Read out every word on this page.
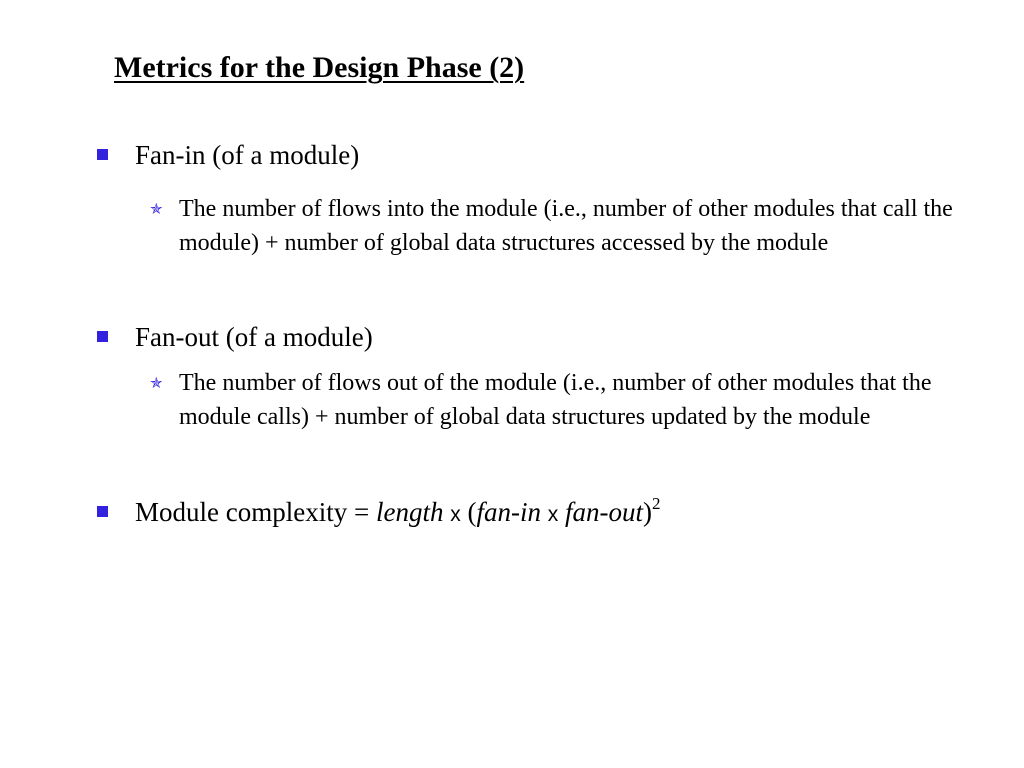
Metrics for the Design Phase (2)
Fan-in (of a module)
✯ The number of flows into the module (i.e., number of other modules that call the module) + number of global data structures accessed by the module
Fan-out (of a module)
✯ The number of flows out of the module (i.e., number of other modules that the module calls) + number of global data structures updated by the module
Module complexity = length x (fan-in x fan-out)$^2$
